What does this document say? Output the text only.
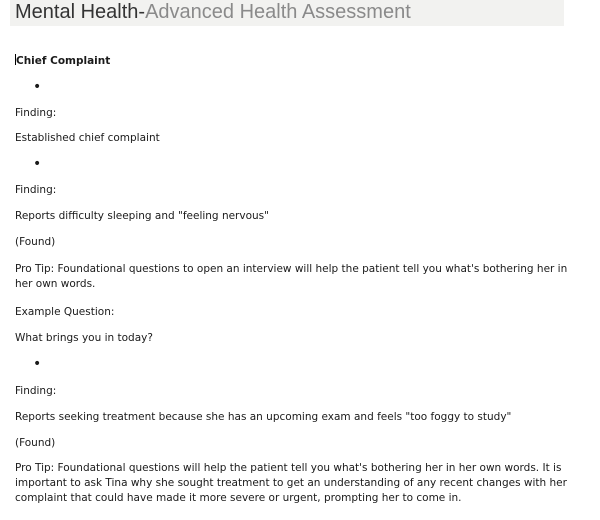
Mental Health-Advanced Health Assessment
Chief Complaint
•
Finding:
Established chief complaint
•
Finding:
Reports difficulty sleeping and "feeling nervous"
(Found)
Pro Tip: Foundational questions to open an interview will help the patient tell you what's bothering her in her own words.
Example Question:
What brings you in today?
•
Finding:
Reports seeking treatment because she has an upcoming exam and feels "too foggy to study"
(Found)
Pro Tip: Foundational questions will help the patient tell you what's bothering her in her own words. It is important to ask Tina why she sought treatment to get an understanding of any recent changes with her complaint that could have made it more severe or urgent, prompting her to come in.
